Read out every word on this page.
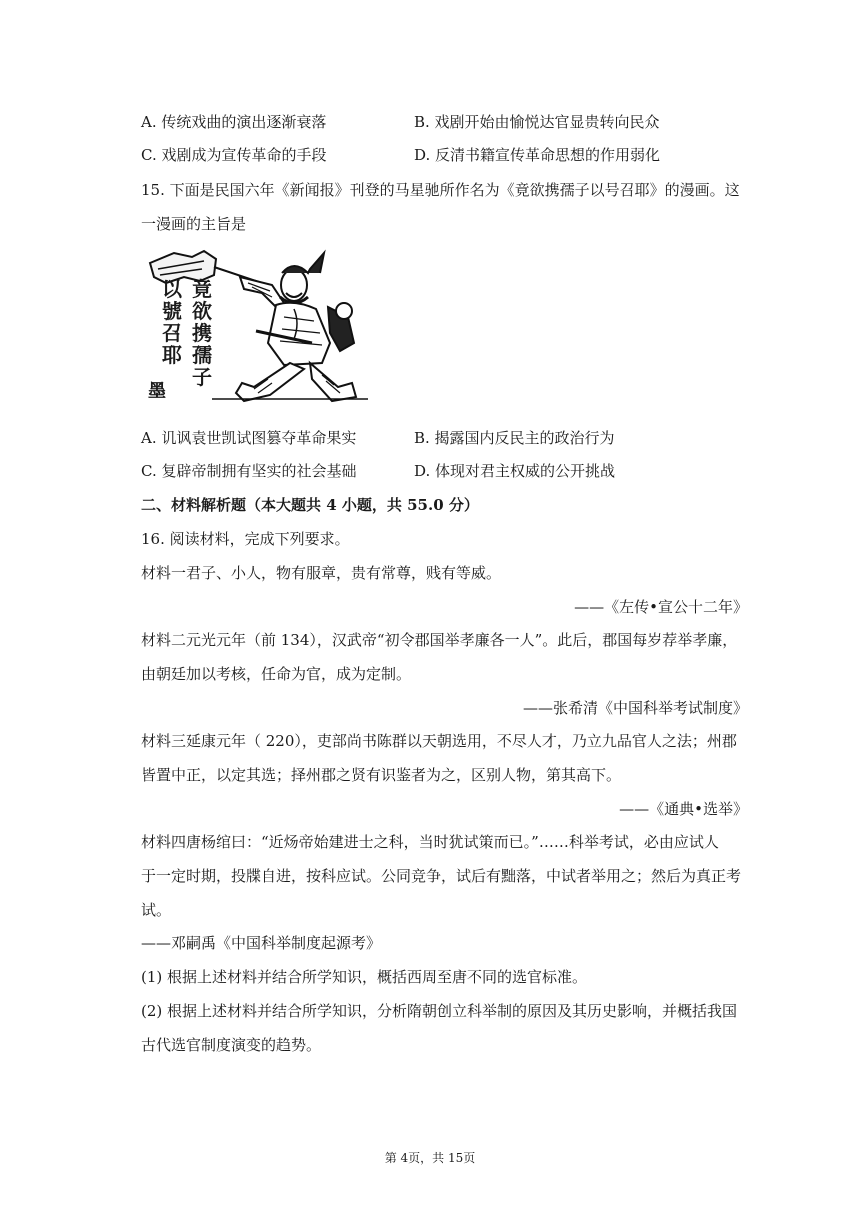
A. 传统戏曲的演出逐渐衰落	B. 戏剧开始由愉悦达官显贵转向民众
C. 戏剧成为宣传革命的手段	D. 反清书籍宣传革命思想的作用弱化
15. 下面是民国六年《新闻报》刊登的马星驰所作名为《竟欲携孺子以号召耶》的漫画。这
一漫画的主旨是
竟欲携孺子
以號召耶
墨
A. 讥讽袁世凯试图篡夺革命果实	B. 揭露国内反民主的政治行为
C. 复辟帝制拥有坚实的社会基础	D. 体现对君主权威的公开挑战
二、材料解析题（本大题共 4 小题，共 55.0 分）
16. 阅读材料，完成下列要求。
材料一君子、小人，物有服章，贵有常尊，贱有等威。
——《左传•宣公十二年》
材料二元光元年（前 134），汉武帝“初令郡国举孝廉各一人”。此后，郡国每岁荐举孝廉，
由朝廷加以考核，任命为官，成为定制。
——张希清《中国科举考试制度》
材料三延康元年（ 220），吏部尚书陈群以天朝选用，不尽人才，乃立九品官人之法；州郡
皆置中正，以定其选；择州郡之贤有识鉴者为之，区别人物，第其高下。
——《通典•选举》
材料四唐杨绾曰：“近炀帝始建进士之科，当时犹试策而已。”……科举考试，必由应试人
于一定时期，投牒自进，按科应试。公同竞争，试后有黜落，中试者举用之；然后为真正考
试。
——邓嗣禹《中国科举制度起源考》
(1) 根据上述材料并结合所学知识，概括西周至唐不同的选官标准。
(2) 根据上述材料并结合所学知识，分析隋朝创立科举制的原因及其历史影响，并概括我国
古代选官制度演变的趋势。
第 4页，共 15页
